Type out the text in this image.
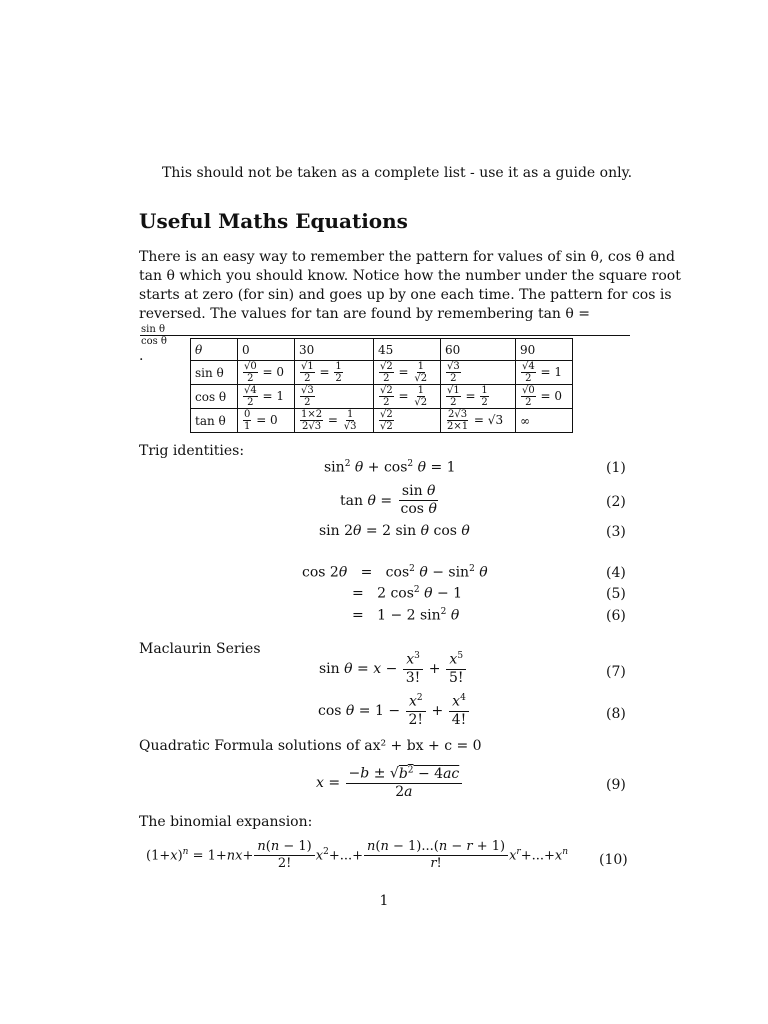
This should not be taken as a complete list - use it as a guide only.
Useful Maths Equations
There is an easy way to remember the pattern for values of sin θ, cos θ and
tan θ which you should know. Notice how the number under the square root
starts at zero (for sin) and goes up by one each time. The pattern for cos is
reversed. The values for tan are found by remembering tan θ =
sin θ
cos θ
.	θ	0	30	45	60	90
sin θ	$\frac{√0}{2} = 0$	$\frac{√1}{2} = \frac{1}{2}$	$\frac{√2}{2} = \frac{1}{√2}$	$\frac{√3}{2}$	$\frac{√4}{2} = 1$
cos θ	$\frac{√4}{2} = 1$	$\frac{√3}{2}$	$\frac{√2}{2} = \frac{1}{√2}$	$\frac{√1}{2} = \frac{1}{2}$	$\frac{√0}{2} = 0$
tan θ	$\frac{0}{1} = 0$	$\frac{1\times 2}{2√3} = \frac{1}{√3}$	$\frac{√2}{√2}$	$\frac{2√3}{2\times 1} = √3$	∞
Trig identities:
$\sin^2 \theta + \cos^2 \theta = 1$	(1)
$\tan \theta = \frac{\text{sin θ}}{\text{cos θ}}$	(2)
sin 2θ = 2 sin θ cos θ	(3)
$\cos 2\theta = \cos^2 \theta - \sin^2 \theta$	(4)
=   2 $\cos^2 \theta - 1$	(5)
=   1 − 2 $\sin^2 \theta$	(6)
Maclaurin Series
$\sin \theta = x - \frac{x^3}{3!} + \frac{x^5}{5!}$	(7)
$\cos \theta = 1 - \frac{x^2}{2!} + \frac{x^4}{4!}$	(8)
Quadratic Formula solutions of ax² + bx + c = 0
$x = \frac{-b \pm √b^2 - 4ac}{2a}$	(9)
The binomial expansion:
$(1+x)^n = 1+nx+ \frac{n(n - 1)}{2!} x^2+...+ \frac{n(n - 1)...(n - r + 1)}{r!} x^r+...+x^n$
(10)
1
